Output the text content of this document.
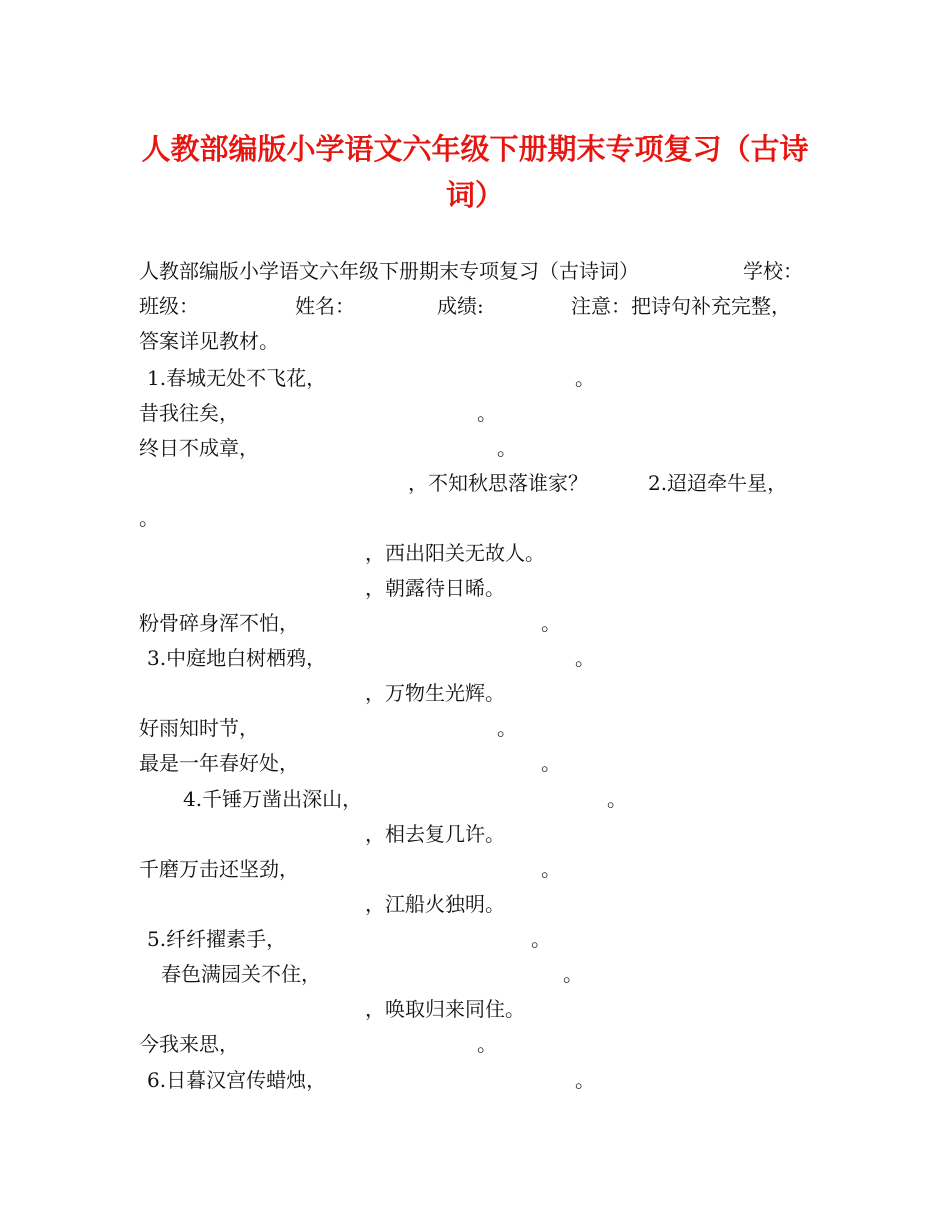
人教部编版小学语文六年级下册期末专项复习（古诗
词）
人教部编版小学语文六年级下册期末专项复习（古诗词）	学校：
班级：	姓名：	成绩:	注意：把诗句补充完整，
答案详见教材。
1.春城无处不飞花，	。
昔我往矣，	。
终日不成章，	。
，不知秋思落谁家？	2.迢迢牵牛星，
。
，西出阳关无故人。
，朝露待日晞。
粉骨碎身浑不怕，	。
3.中庭地白树栖鸦，	。
，万物生光辉。
好雨知时节，	。
最是一年春好处，	。
4.千锤万凿出深山，	。
，相去复几许。
千磨万击还坚劲，	。
，江船火独明。
5.纤纤擢素手，	。
春色满园关不住，	。
，唤取归来同住。
今我来思，	。
6.日暮汉宫传蜡烛，	。
